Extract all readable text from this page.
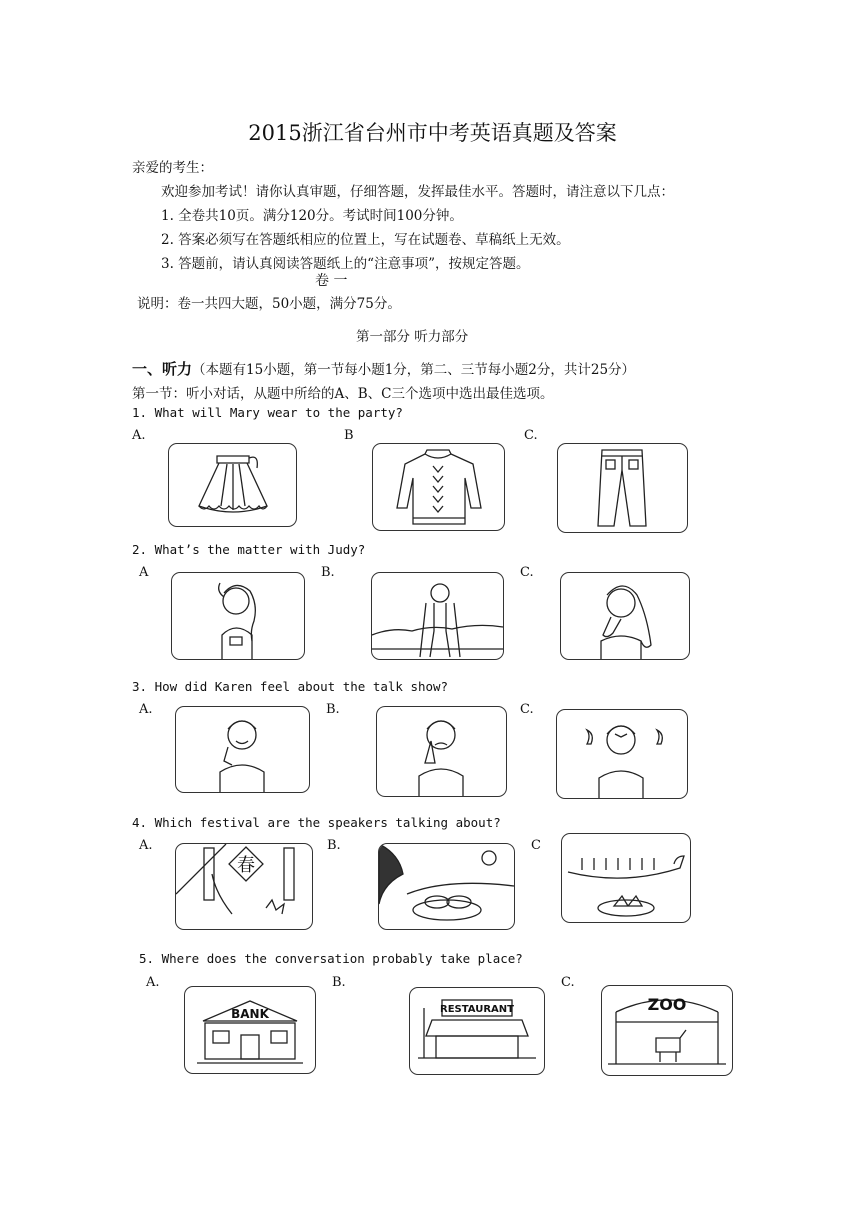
2015浙江省台州市中考英语真题及答案
亲爱的考生：
欢迎参加考试！请你认真审题，仔细答题，发挥最佳水平。答题时，请注意以下几点：
1. 全卷共10页。满分120分。考试时间100分钟。
2. 答案必须写在答题纸相应的位置上，写在试题卷、草稿纸上无效。
3. 答题前，请认真阅读答题纸上的“注意事项”，按规定答题。
卷 一
说明：卷一共四大题，50小题，满分75分。
第一部分 听力部分
一、听力（本题有15小题，第一节每小题1分，第二、三节每小题2分，共计25分）
第一节：听小对话，从题中所给的A、B、C三个选项中选出最佳选项。
1. What will Mary wear to the party?
A.	B	C.
2. What’s the matter with Judy?
A	B.	C.
3. How did Karen feel about the talk show?
A.	B.	C.
4. Which festival are the speakers talking about?
A.	B.	C
春
5. Where does the conversation probably take place?
A.	B.	C.
BANK	RESTAURANT	ZOO
